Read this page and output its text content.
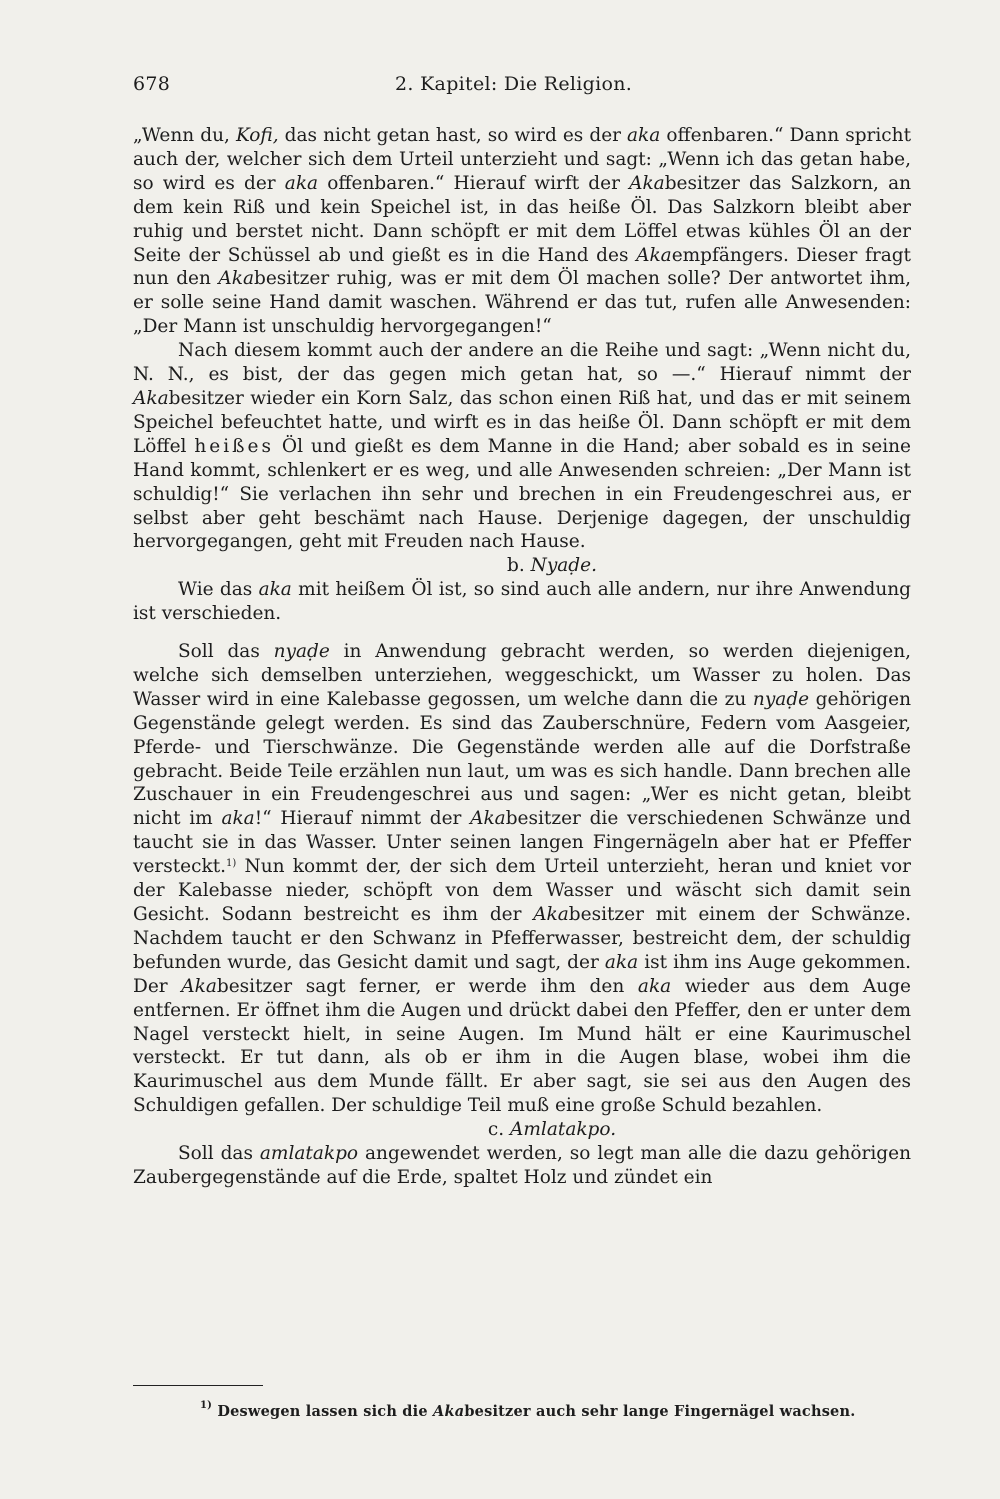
678	2. Kapitel: Die Religion.

„Wenn du, Kofi, das nicht getan hast, so wird es der aka offenbaren.“ Dann spricht auch der, welcher sich dem Urteil unterzieht und sagt: „Wenn ich das getan habe, so wird es der aka offenbaren.“ Hierauf wirft der Akabesitzer das Salzkorn, an dem kein Riß und kein Speichel ist, in das heiße Öl. Das Salzkorn bleibt aber ruhig und berstet nicht. Dann schöpft er mit dem Löffel etwas kühles Öl an der Seite der Schüssel ab und gießt es in die Hand des Akaempfängers. Dieser fragt nun den Akabesitzer ruhig, was er mit dem Öl machen solle? Der antwortet ihm, er solle seine Hand damit waschen. Während er das tut, rufen alle Anwesenden: „Der Mann ist unschuldig hervorgegangen!“

Nach diesem kommt auch der andere an die Reihe und sagt: „Wenn nicht du, N. N., es bist, der das gegen mich getan hat, so —.“ Hierauf nimmt der Akabesitzer wieder ein Korn Salz, das schon einen Riß hat, und das er mit seinem Speichel befeuchtet hatte, und wirft es in das heiße Öl. Dann schöpft er mit dem Löffel heißes Öl und gießt es dem Manne in die Hand; aber sobald es in seine Hand kommt, schlenkert er es weg, und alle Anwesenden schreien: „Der Mann ist schuldig!“ Sie verlachen ihn sehr und brechen in ein Freudengeschrei aus, er selbst aber geht beschämt nach Hause. Derjenige dagegen, der unschuldig hervorgegangen, geht mit Freuden nach Hause.

b. Nyaḍe.

Wie das aka mit heißem Öl ist, so sind auch alle andern, nur ihre Anwendung ist verschieden.

Soll das nyaḍe in Anwendung gebracht werden, so werden diejenigen, welche sich demselben unterziehen, weggeschickt, um Wasser zu holen. Das Wasser wird in eine Kalebasse gegossen, um welche dann die zu nyaḍe gehörigen Gegenstände gelegt werden. Es sind das Zauberschnüre, Federn vom Aasgeier, Pferde- und Tierschwänze. Die Gegenstände werden alle auf die Dorfstraße gebracht. Beide Teile erzählen nun laut, um was es sich handle. Dann brechen alle Zuschauer in ein Freudengeschrei aus und sagen: „Wer es nicht getan, bleibt nicht im aka!“ Hierauf nimmt der Akabesitzer die verschiedenen Schwänze und taucht sie in das Wasser. Unter seinen langen Fingernägeln aber hat er Pfeffer versteckt.$^{1)}$ Nun kommt der, der sich dem Urteil unterzieht, heran und kniet vor der Kalebasse nieder, schöpft von dem Wasser und wäscht sich damit sein Gesicht. Sodann bestreicht es ihm der Akabesitzer mit einem der Schwänze. Nachdem taucht er den Schwanz in Pfefferwasser, bestreicht dem, der schuldig befunden wurde, das Gesicht damit und sagt, der aka ist ihm ins Auge gekommen. Der Akabesitzer sagt ferner, er werde ihm den aka wieder aus dem Auge entfernen. Er öffnet ihm die Augen und drückt dabei den Pfeffer, den er unter dem Nagel versteckt hielt, in seine Augen. Im Mund hält er eine Kaurimuschel versteckt. Er tut dann, als ob er ihm in die Augen blase, wobei ihm die Kaurimuschel aus dem Munde fällt. Er aber sagt, sie sei aus den Augen des Schuldigen gefallen. Der schuldige Teil muß eine große Schuld bezahlen.

c. Amlatakpo.

Soll das amlatakpo angewendet werden, so legt man alle die dazu gehörigen Zaubergegenstände auf die Erde, spaltet Holz und zündet ein

$^{1)}$ Deswegen lassen sich die Akabesitzer auch sehr lange Fingernägel wachsen.
